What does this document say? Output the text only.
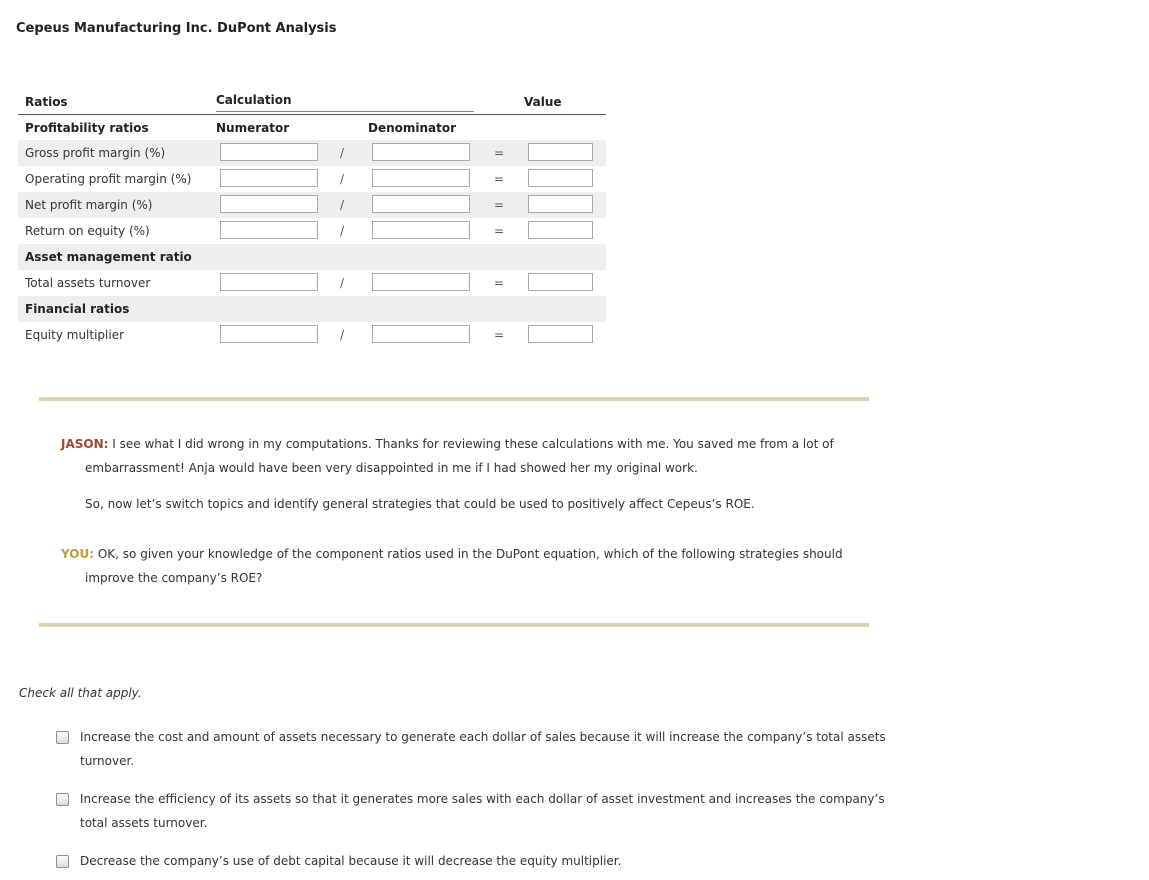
Cepeus Manufacturing Inc. DuPont Analysis
Ratios	Calculation	Value
Profitability ratios	Numerator	Denominator
Gross profit margin (%)	/	=
Operating profit margin (%)	/	=
Net profit margin (%)	/	=
Return on equity (%)	/	=
Asset management ratio
Total assets turnover	/	=
Financial ratios
Equity multiplier	/	=
JASON: I see what I did wrong in my computations. Thanks for reviewing these calculations with me. You saved me from a lot of
embarrassment! Anja would have been very disappointed in me if I had showed her my original work.
So, now let’s switch topics and identify general strategies that could be used to positively affect Cepeus’s ROE.
YOU: OK, so given your knowledge of the component ratios used in the DuPont equation, which of the following strategies should
improve the company’s ROE?
Check all that apply.
Increase the cost and amount of assets necessary to generate each dollar of sales because it will increase the company’s total assets
turnover.
Increase the efficiency of its assets so that it generates more sales with each dollar of asset investment and increases the company’s
total assets turnover.
Decrease the company’s use of debt capital because it will decrease the equity multiplier.
